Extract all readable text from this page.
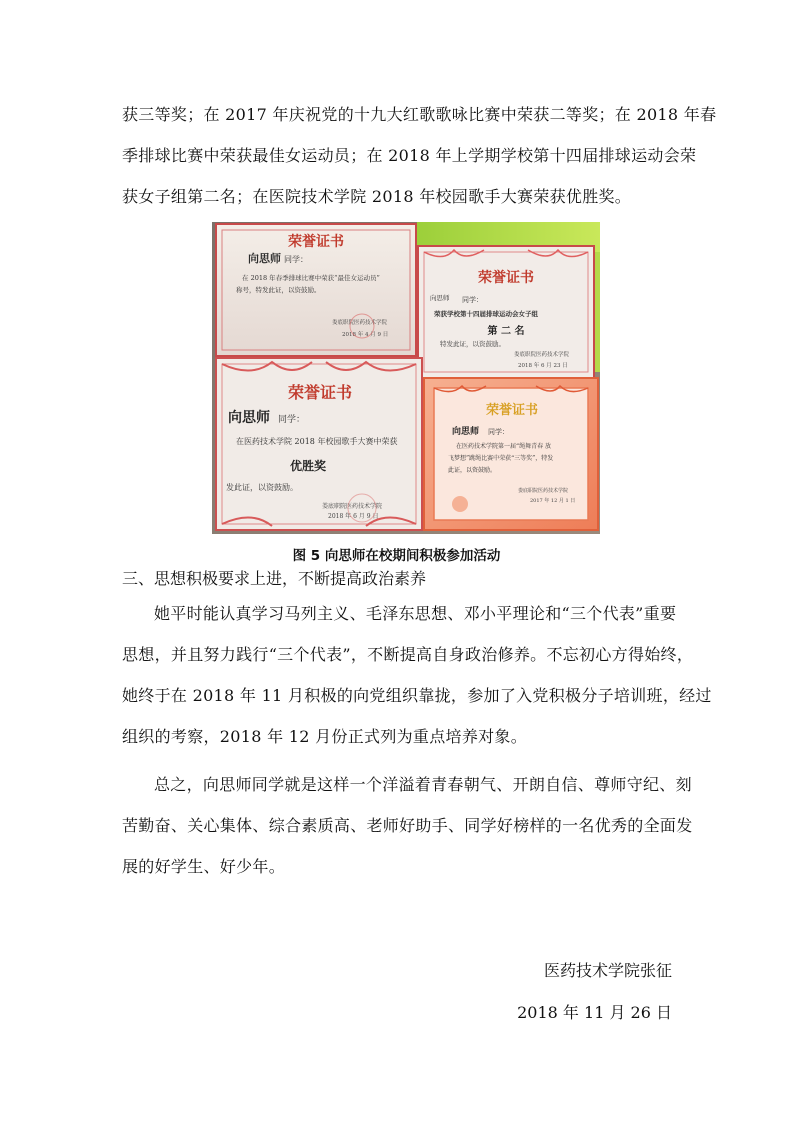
获三等奖；在 2017 年庆祝党的十九大红歌歌咏比赛中荣获二等奖；在 2018 年春
季排球比赛中荣获最佳女运动员；在 2018 年上学期学校第十四届排球运动会荣
获女子组第二名；在医院技术学院 2018 年校园歌手大赛荣获优胜奖。

荣誉证书
向思师 同学：
在 2018 年春季排球比赛中荣获“最佳女运动员”
称号，特发此证，以资鼓励。
娄底职院医药技术学院
2018 年 4 月 9 日
荣誉证书
向思师 同学：
荣获学校第十四届排球运动会女子组
第 二 名
特发此证，以资鼓励。
娄底职院医药技术学院
2018 年 6 月 23 日
荣誉证书
向思师 同学：
在医药技术学院 2018 年校园歌手大赛中荣获
优胜奖
发此证，以资鼓励。
娄底职院医药技术学院
2018 年 6 月 9 日
荣誉证书
向思师 同学：
在医药技术学院第一届“绳舞青春 放
飞梦想”跳绳比赛中荣获“三等奖”，特发
此证，以资鼓励。
娄底职院医药技术学院
2017 年 12 月 1 日
图 5 向思师在校期间积极参加活动
三、思想积极要求上进，不断提高政治素养

她平时能认真学习马列主义、毛泽东思想、邓小平理论和“三个代表”重要
思想，并且努力践行“三个代表”，不断提高自身政治修养。不忘初心方得始终，
她终于在 2018 年 11 月积极的向党组织靠拢，参加了入党积极分子培训班，经过
组织的考察，2018 年 12 月份正式列为重点培养对象。

总之，向思师同学就是这样一个洋溢着青春朝气、开朗自信、尊师守纪、刻
苦勤奋、关心集体、综合素质高、老师好助手、同学好榜样的一名优秀的全面发
展的好学生、好少年。

医药技术学院张征
2018 年 11 月 26 日
